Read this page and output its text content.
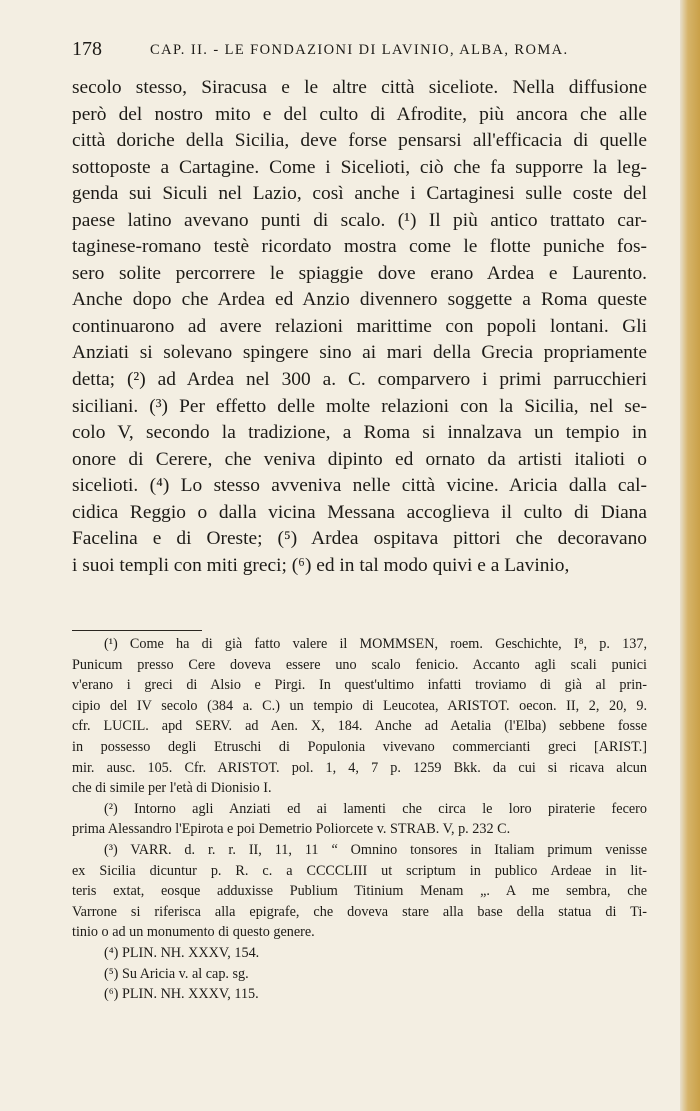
178	CAP. II. - LE FONDAZIONI DI LAVINIO, ALBA, ROMA.
secolo stesso, Siracusa e le altre città siceliote. Nella diffusione
però del nostro mito e del culto di Afrodite, più ancora che alle
città doriche della Sicilia, deve forse pensarsi all'efficacia di quelle
sottoposte a Cartagine. Come i Sicelioti, ciò che fa supporre la leg-
genda sui Siculi nel Lazio, così anche i Cartaginesi sulle coste del
paese latino avevano punti di scalo. (¹) Il più antico trattato car-
taginese-romano testè ricordato mostra come le flotte puniche fos-
sero solite percorrere le spiaggie dove erano Ardea e Laurento.
Anche dopo che Ardea ed Anzio divennero soggette a Roma queste
continuarono ad avere relazioni marittime con popoli lontani. Gli
Anziati si solevano spingere sino ai mari della Grecia propriamente
detta; (²) ad Ardea nel 300 a. C. comparvero i primi parrucchieri
siciliani. (³) Per effetto delle molte relazioni con la Sicilia, nel se-
colo V, secondo la tradizione, a Roma si innalzava un tempio in
onore di Cerere, che veniva dipinto ed ornato da artisti italioti o
sicelioti. (⁴) Lo stesso avveniva nelle città vicine. Aricia dalla cal-
cidica Reggio o dalla vicina Messana accoglieva il culto di Diana
Facelina e di Oreste; (⁵) Ardea ospitava pittori che decoravano
i suoi templi con miti greci; (⁶) ed in tal modo quivi e a Lavinio,
(¹) Come ha di già fatto valere il MOMMSEN, roem. Geschichte, I⁸, p. 137,
Punicum presso Cere doveva essere uno scalo fenicio. Accanto agli scali punici
v'erano i greci di Alsio e Pirgi. In quest'ultimo infatti troviamo di già al prin-
cipio del IV secolo (384 a. C.) un tempio di Leucotea, ARISTOT. oecon. II, 2, 20, 9.
cfr. LUCIL. apd SERV. ad Aen. X, 184. Anche ad Aetalia (l'Elba) sebbene fosse
in possesso degli Etruschi di Populonia vivevano commercianti greci [ARIST.]
mir. ausc. 105. Cfr. ARISTOT. pol. 1, 4, 7 p. 1259 Bkk. da cui si ricava alcun
che di simile per l'età di Dionisio I.
(²) Intorno agli Anziati ed ai lamenti che circa le loro piraterie fecero
prima Alessandro l'Epirota e poi Demetrio Poliorcete v. STRAB. V, p. 232 C.
(³) VARR. d. r. r. II, 11, 11 “ Omnino tonsores in Italiam primum venisse
ex Sicilia dicuntur p. R. c. a CCCCLIII ut scriptum in publico Ardeae in lit-
teris extat, eosque adduxisse Publium Titinium Menam „. A me sembra, che
Varrone si riferisca alla epigrafe, che doveva stare alla base della statua di Ti-
tinio o ad un monumento di questo genere.
(⁴) PLIN. NH. XXXV, 154.
(⁵) Su Aricia v. al cap. sg.
(⁶) PLIN. NH. XXXV, 115.
